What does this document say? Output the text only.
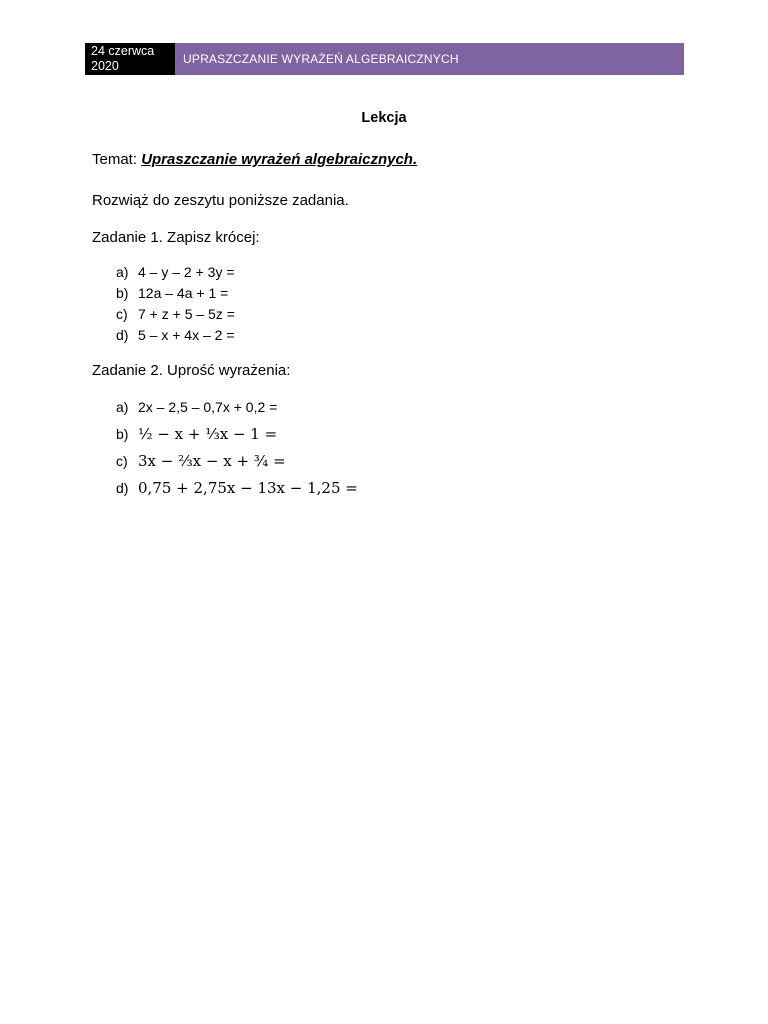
24 czerwca
2020	UPRASZCZANIE WYRAŻEŃ ALGEBRAICZNYCH
Lekcja
Temat: Upraszczanie wyrażeń algebraicznych.
Rozwiąż do zeszytu poniższe zadania.
Zadanie 1. Zapisz krócej:
a) 4 – y – 2 + 3y =
b) 12a – 4a + 1 =
c) 7 + z + 5 – 5z =
d) 5 – x + 4x – 2 =
Zadanie 2. Uprość wyrażenia:
a) 2x – 2,5 – 0,7x + 0,2 =
b) ½ − x + ⅓x − 1 =
c) 3x − ⅔x − x + ¾ =
d) 0,75 + 2,75x − 13x − 1,25 =
